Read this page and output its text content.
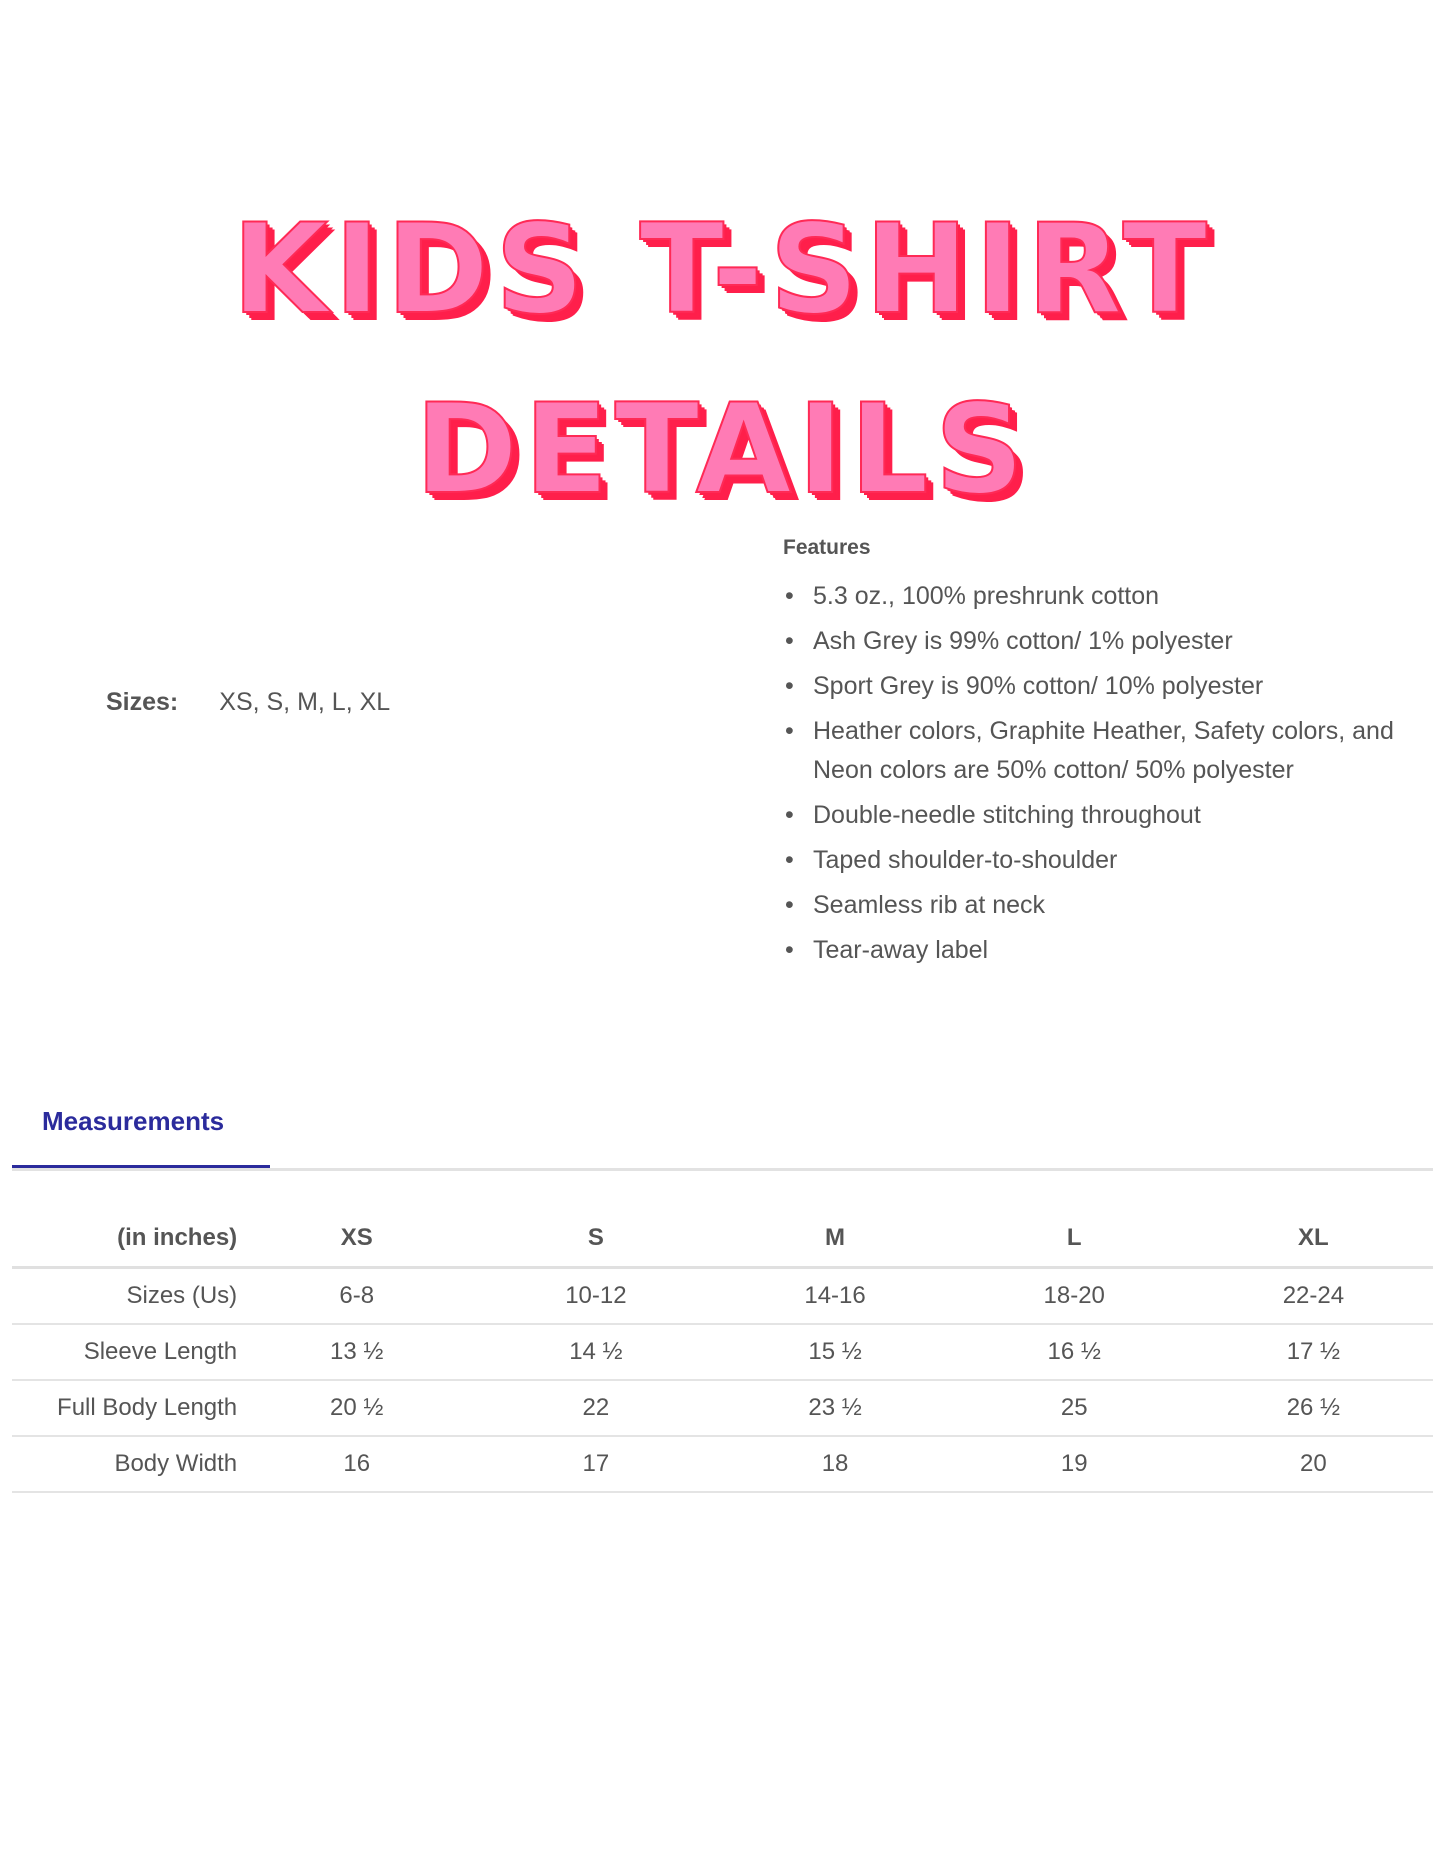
KIDS T-SHIRT
DETAILS
Sizes: XS, S, M, L, XL
Features
• 5.3 oz., 100% preshrunk cotton
• Ash Grey is 99% cotton/ 1% polyester
• Sport Grey is 90% cotton/ 10% polyester
• Heather colors, Graphite Heather, Safety colors, and Neon colors are 50% cotton/ 50% polyester
• Double-needle stitching throughout
• Taped shoulder-to-shoulder
• Seamless rib at neck
• Tear-away label
Measurements
(in inches)	XS	S	M	L	XL
Sizes (Us)	6-8	10-12	14-16	18-20	22-24
Sleeve Length	13 ½	14 ½	15 ½	16 ½	17 ½
Full Body Length	20 ½	22	23 ½	25	26 ½
Body Width	16	17	18	19	20
